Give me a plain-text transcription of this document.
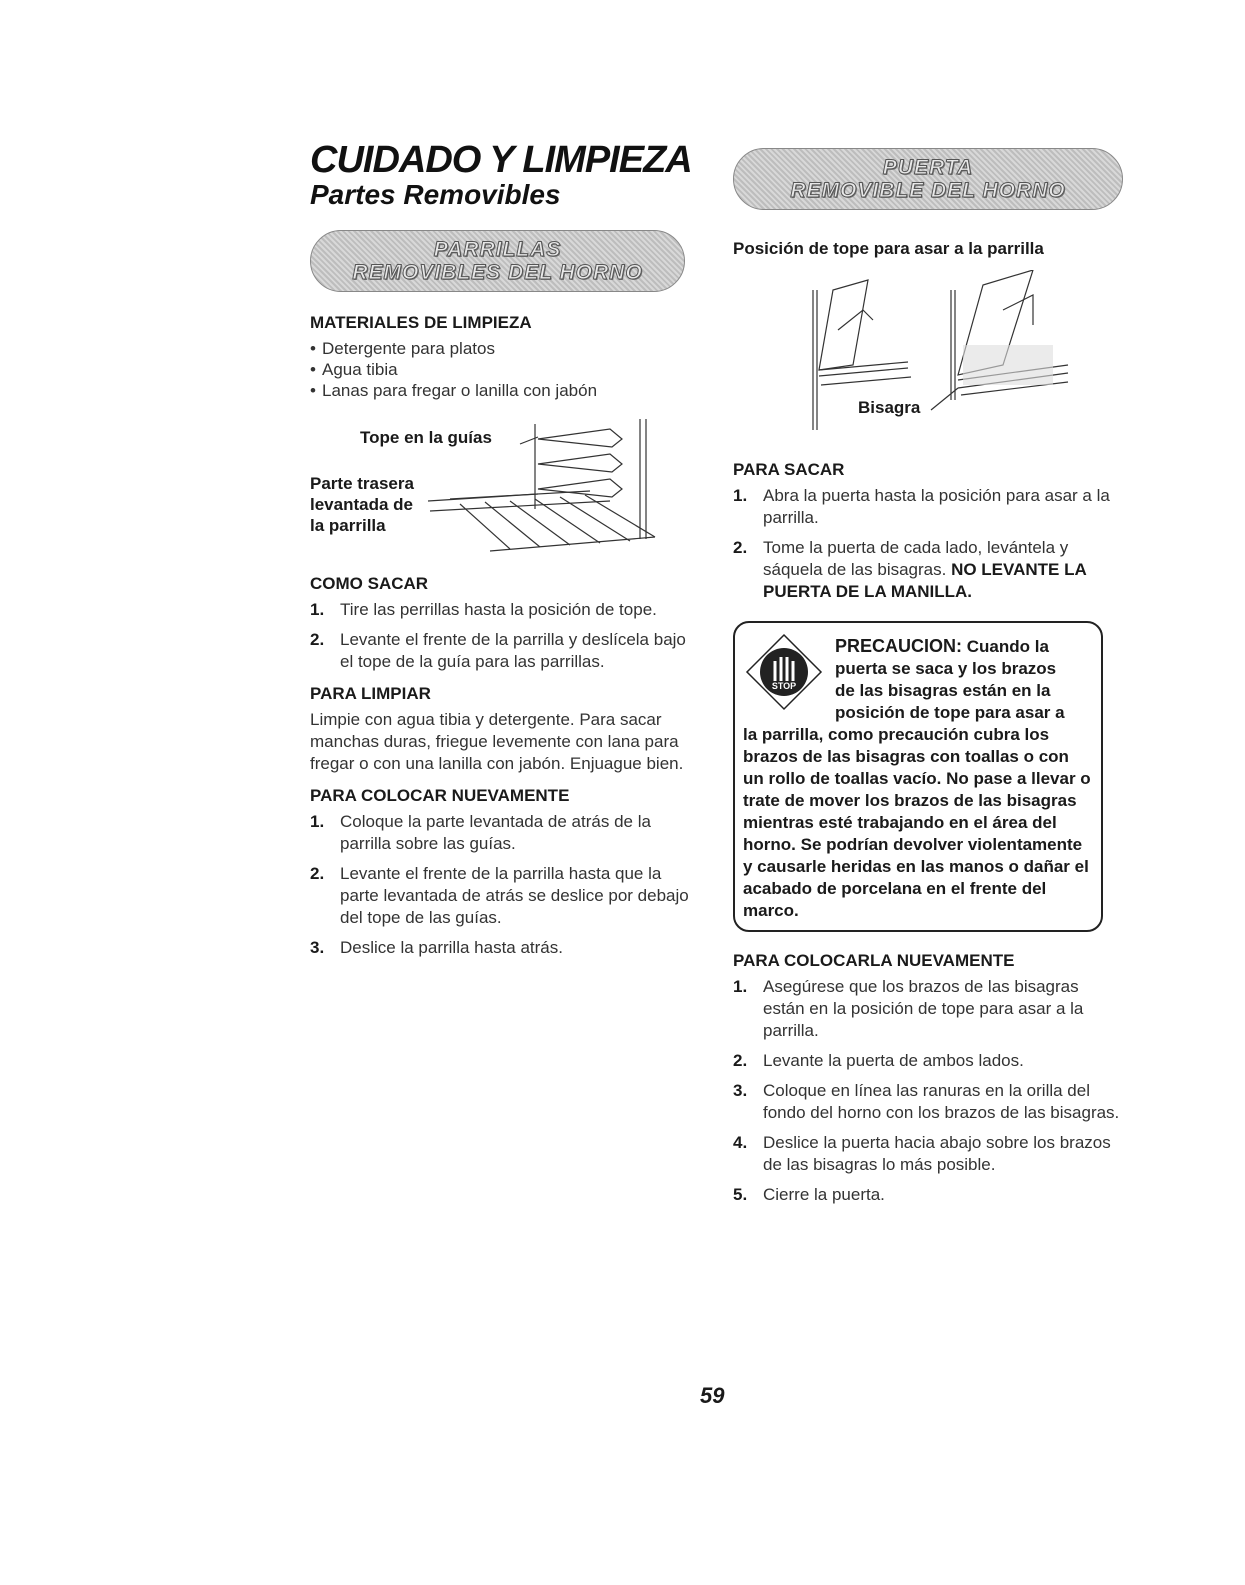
CUIDADO Y LIMPIEZA
Partes Removibles
PARRILLAS
REMOVIBLES DEL HORNO
MATERIALES DE LIMPIEZA
• Detergente para platos
• Agua tibia
• Lanas para fregar o lanilla con jabón
Tope en la guías
Parte trasera
levantada de
la parrilla
COMO SACAR
1. Tire las perrillas hasta la posición de tope.
2. Levante el frente de la parrilla y deslícela bajo el tope de la guía para las parrillas.
PARA LIMPIAR

Limpie con agua tibia y detergente. Para sacar manchas duras, friegue levemente con lana para fregar o con una lanilla con jabón. Enjuague bien.

PARA COLOCAR NUEVAMENTE
1. Coloque la parte levantada de atrás de la parrilla sobre las guías.
2. Levante el frente de la parrilla hasta que la parte levantada de atrás se deslice por debajo del tope de las guías.
3. Deslice la parrilla hasta atrás.
PUERTA
REMOVIBLE DEL HORNO
Posición de tope para asar a la parrilla
Bisagra
PARA SACAR
1. Abra la puerta hasta la posición para asar a la parrilla.
2. Tome la puerta de cada lado, levántela y sáquela de las bisagras. NO LEVANTE LA PUERTA DE LA MANILLA.
STOP
PRECAUCION: Cuando la
puerta se saca y los brazos
de las bisagras están en la
posición de tope para asar a
la parrilla, como precaución cubra los brazos de las bisagras con toallas o con un rollo de toallas vacío. No pase a llevar o trate de mover los brazos de las bisagras mientras esté trabajando en el área del horno. Se podrían devolver violentamente y causarle heridas en las manos o dañar el acabado de porcelana en el frente del marco.
PARA COLOCARLA NUEVAMENTE
1. Asegúrese que los brazos de las bisagras están en la posición de tope para asar a la parrilla.
2. Levante la puerta de ambos lados.
3. Coloque en línea las ranuras en la orilla del fondo del horno con los brazos de las bisagras.
4. Deslice la puerta hacia abajo sobre los brazos de las bisagras lo más posible.
5. Cierre la puerta.
59
